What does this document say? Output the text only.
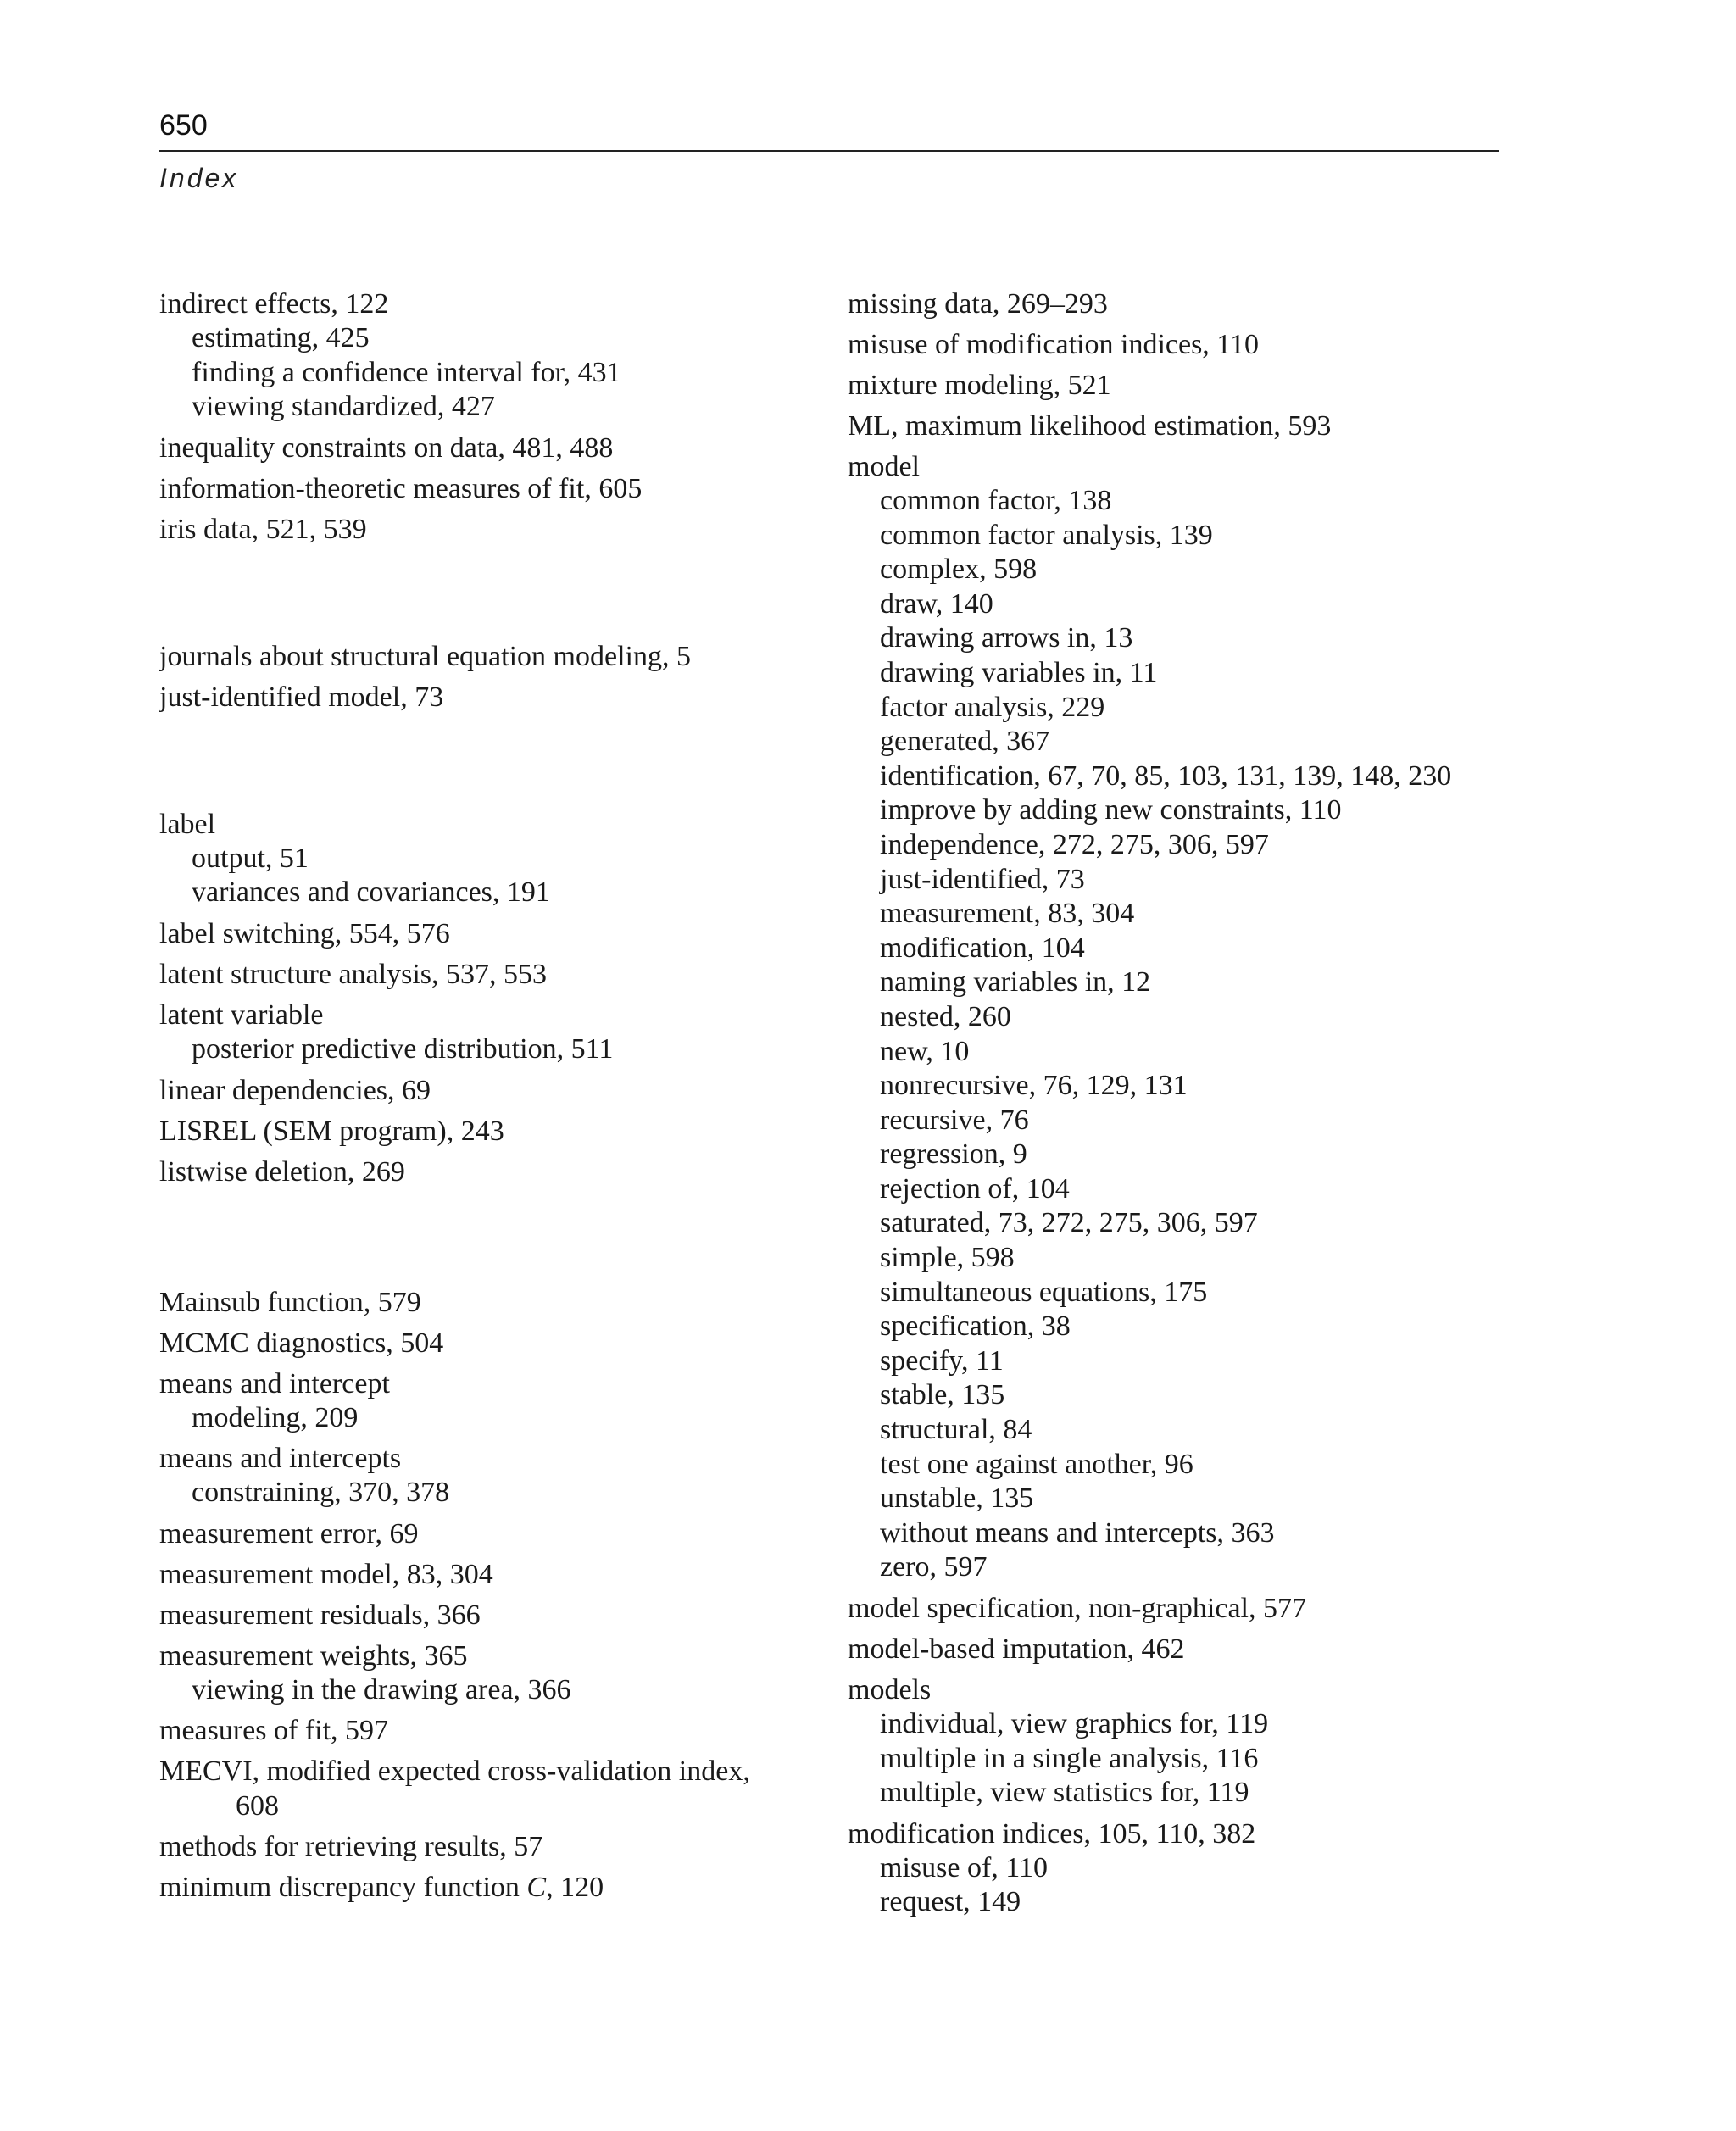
650
Index
indirect effects, 122
estimating, 425
finding a confidence interval for, 431
viewing standardized, 427
inequality constraints on data, 481, 488
information-theoretic measures of fit, 605
iris data, 521, 539
journals about structural equation modeling, 5
just-identified model, 73
label
output, 51
variances and covariances, 191
label switching, 554, 576
latent structure analysis, 537, 553
latent variable
posterior predictive distribution, 511
linear dependencies, 69
LISREL (SEM program), 243
listwise deletion, 269
Mainsub function, 579
MCMC diagnostics, 504
means and intercept
modeling, 209
means and intercepts
constraining, 370, 378
measurement error, 69
measurement model, 83, 304
measurement residuals, 366
measurement weights, 365
viewing in the drawing area, 366
measures of fit, 597
MECVI, modified expected cross-validation index,
608
methods for retrieving results, 57
minimum discrepancy function C, 120
missing data, 269–293
misuse of modification indices, 110
mixture modeling, 521
ML, maximum likelihood estimation, 593
model
common factor, 138
common factor analysis, 139
complex, 598
draw, 140
drawing arrows in, 13
drawing variables in, 11
factor analysis, 229
generated, 367
identification, 67, 70, 85, 103, 131, 139, 148, 230
improve by adding new constraints, 110
independence, 272, 275, 306, 597
just-identified, 73
measurement, 83, 304
modification, 104
naming variables in, 12
nested, 260
new, 10
nonrecursive, 76, 129, 131
recursive, 76
regression, 9
rejection of, 104
saturated, 73, 272, 275, 306, 597
simple, 598
simultaneous equations, 175
specification, 38
specify, 11
stable, 135
structural, 84
test one against another, 96
unstable, 135
without means and intercepts, 363
zero, 597
model specification, non-graphical, 577
model-based imputation, 462
models
individual, view graphics for, 119
multiple in a single analysis, 116
multiple, view statistics for, 119
modification indices, 105, 110, 382
misuse of, 110
request, 149
